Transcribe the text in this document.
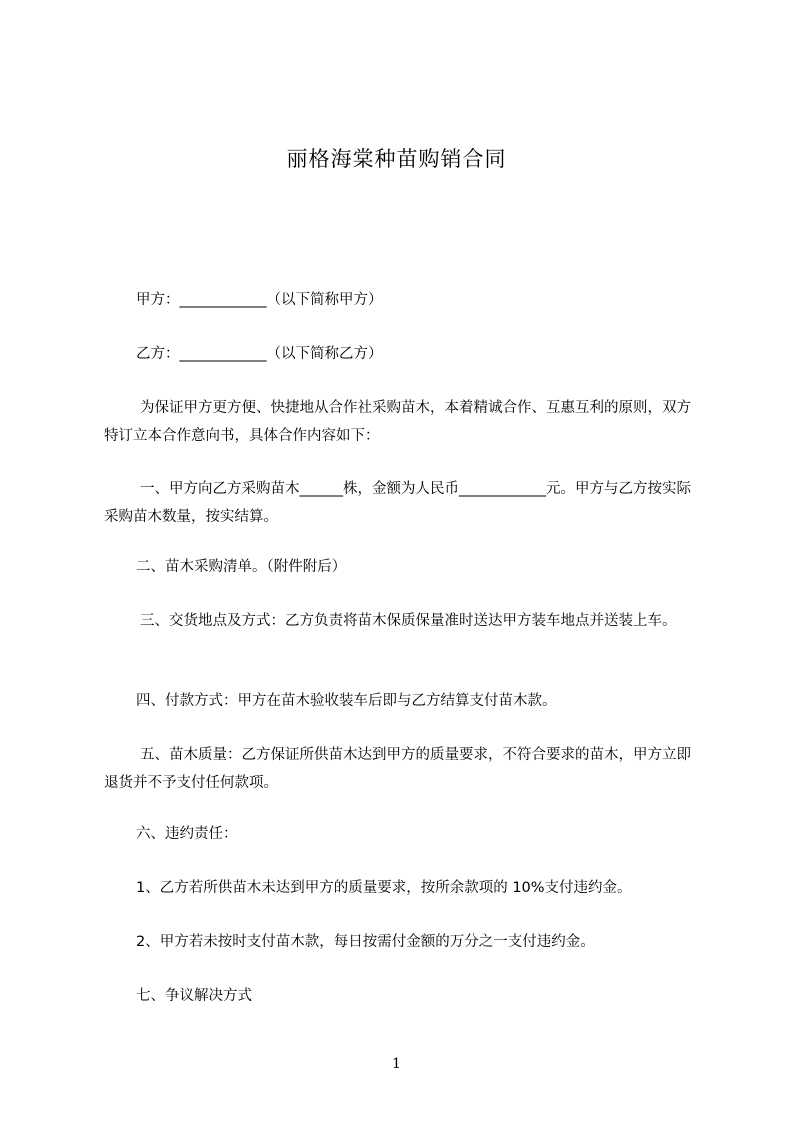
丽格海棠种苗购销合同

甲方：____________（以下简称甲方）

乙方：____________（以下简称乙方）

为保证甲方更方便、快捷地从合作社采购苗木，本着精诚合作、互惠互利的原则，双方特订立本合作意向书，具体合作内容如下：

一、甲方向乙方采购苗木______株，金额为人民币____________元。甲方与乙方按实际采购苗木数量，按实结算。

二、苗木采购清单。（附件附后）

三、交货地点及方式：乙方负责将苗木保质保量准时送达甲方装车地点并送装上车。

四、付款方式：甲方在苗木验收装车后即与乙方结算支付苗木款。

五、苗木质量：乙方保证所供苗木达到甲方的质量要求，不符合要求的苗木，甲方立即退货并不予支付任何款项。

六、违约责任：

1、乙方若所供苗木未达到甲方的质量要求，按所余款项的 10%支付违约金。

2、甲方若未按时支付苗木款，每日按需付金额的万分之一支付违约金。

七、争议解决方式

1
